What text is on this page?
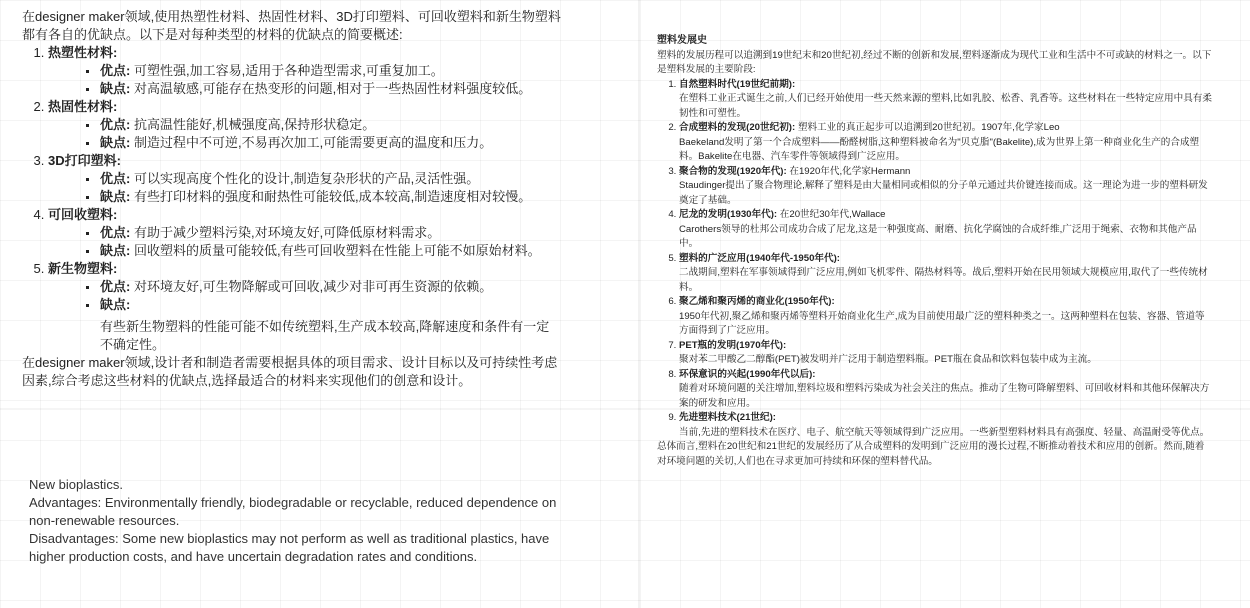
在designer maker领域,使用热塑性材料、热固性材料、3D打印塑料、可回收塑料和新生物塑料都有各自的优缺点。以下是对每种类型的材料的优缺点的简要概述:

1. 热塑性材料:
优点: 可塑性强,加工容易,适用于各种造型需求,可重复加工。
缺点: 对高温敏感,可能存在热变形的问题,相对于一些热固性材料强度较低。
2. 热固性材料:
优点: 抗高温性能好,机械强度高,保持形状稳定。
缺点: 制造过程中不可逆,不易再次加工,可能需要更高的温度和压力。
3. 3D打印塑料:
优点: 可以实现高度个性化的设计,制造复杂形状的产品,灵活性强。
缺点: 有些打印材料的强度和耐热性可能较低,成本较高,制造速度相对较慢。
4. 可回收塑料:
优点: 有助于减少塑料污染,对环境友好,可降低原材料需求。
缺点: 回收塑料的质量可能较低,有些可回收塑料在性能上可能不如原始材料。
5. 新生物塑料:
优点: 对环境友好,可生物降解或可回收,减少对非可再生资源的依赖。
缺点:
有些新生物塑料的性能可能不如传统塑料,生产成本较高,降解速度和条件有一定不确定性。

在designer maker领域,设计者和制造者需要根据具体的项目需求、设计目标以及可持续性考虑因素,综合考虑这些材料的优缺点,选择最适合的材料来实现他们的创意和设计。

New bioplastics.

Advantages: Environmentally friendly, biodegradable or recyclable, reduced dependence on non-renewable resources.

Disadvantages: Some new bioplastics may not perform as well as traditional plastics, have higher production costs, and have uncertain degradation rates and conditions.

塑料发展史
塑料的发展历程可以追溯到19世纪末和20世纪初,经过不断的创新和发展,塑料逐渐成为现代工业和生活中不可或缺的材料之一。以下是塑料发展的主要阶段:
1. 自然塑料时代(19世纪前期):
在塑料工业正式诞生之前,人们已经开始使用一些天然来源的塑料,比如乳胶、松香、乳香等。这些材料在一些特定应用中具有柔韧性和可塑性。
2. 合成塑料的发现(20世纪初): 塑料工业的真正起步可以追溯到20世纪初。1907年,化学家Leo
Baekeland发明了第一个合成塑料——酚醛树脂,这种塑料被命名为"贝克脂"(Bakelite),成为世界上第一种商业化生产的合成塑料。Bakelite在电器、汽车零件等领域得到广泛应用。
3. 聚合物的发现(1920年代): 在1920年代,化学家Hermann
Staudinger提出了聚合物理论,解释了塑料是由大量相同或相似的分子单元通过共价键连接而成。这一理论为进一步的塑料研发奠定了基础。
4. 尼龙的发明(1930年代): 在20世纪30年代,Wallace
Carothers领导的杜邦公司成功合成了尼龙,这是一种强度高、耐磨、抗化学腐蚀的合成纤维,广泛用于绳索、衣物和其他产品中。
5. 塑料的广泛应用(1940年代-1950年代):
二战期间,塑料在军事领域得到广泛应用,例如飞机零件、隔热材料等。战后,塑料开始在民用领域大规模应用,取代了一些传统材料。
6. 聚乙烯和聚丙烯的商业化(1950年代):
1950年代初,聚乙烯和聚丙烯等塑料开始商业化生产,成为目前使用最广泛的塑料种类之一。这两种塑料在包装、容器、管道等方面得到了广泛应用。
7. PET瓶的发明(1970年代):
聚对苯二甲酸乙二醇酯(PET)被发明并广泛用于制造塑料瓶。PET瓶在食品和饮料包装中成为主流。
8. 环保意识的兴起(1990年代以后):
随着对环境问题的关注增加,塑料垃圾和塑料污染成为社会关注的焦点。推动了生物可降解塑料、可回收材料和其他环保解决方案的研发和应用。
9. 先进塑料技术(21世纪):
当前,先进的塑料技术在医疗、电子、航空航天等领域得到广泛应用。一些新型塑料材料具有高强度、轻量、高温耐受等优点。
总体而言,塑料在20世纪和21世纪的发展经历了从合成塑料的发明到广泛应用的漫长过程,不断推动着技术和应用的创新。然而,随着对环境问题的关切,人们也在寻求更加可持续和环保的塑料替代品。
